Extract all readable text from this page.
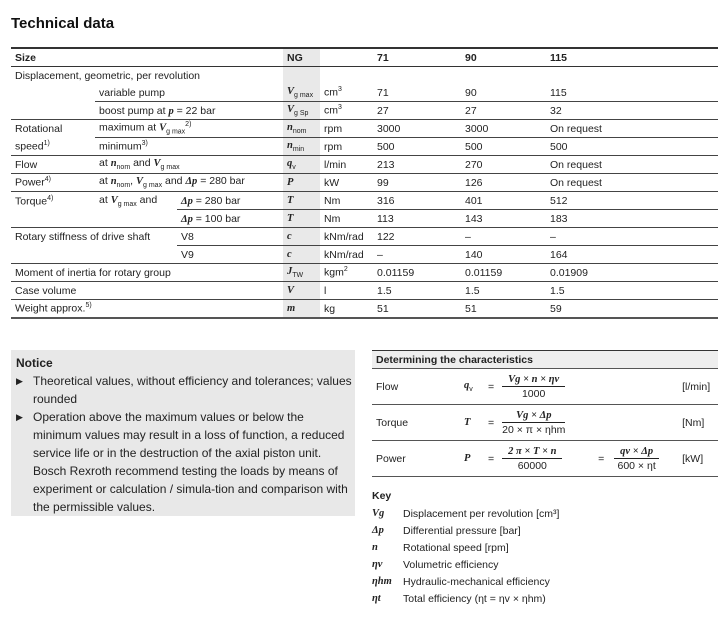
Technical data
Size			NG		71	90	115
Displacement, geometric, per revolution							
	variable pump		$V_{g max}$	$cm^3$	71	90	115
	boost pump at p = 22 bar		$V_{g Sp}$	$cm^3$	27	27	32
Rotational	maximum at $V_{g max}^{2)}$		$n_{nom}$	rpm	3000	3000	On request
speed$^{1)}$	minimum$^{3)}$		$n_{min}$	rpm	500	500	500
Flow	at $n_{nom}$ and $V_{g max}$		$q_v$	l/min	213	270	On request
Power$^{4)}$	at $n_{nom}$, $V_{g max}$ and Δp = 280 bar		P	kW	99	126	On request
Torque$^{4)}$	at $V_{g max}$ and	Δp = 280 bar	T	Nm	316	401	512
		Δp = 100 bar	T	Nm	113	143	183
Rotary stiffness of drive shaft		V8	c	kNm/rad	122	–	–
		V9	c	kNm/rad	–	140	164
Moment of inertia for rotary group			$J_{TW}$	kgm$^2$	0.01159	0.01159	0.01909
Case volume			V	l	1.5	1.5	1.5
Weight approx.$^{5)}$			m	kg	51	51	59
Notice
▶ Theoretical values, without efficiency and tolerances; values rounded
▶ Operation above the maximum values or below the minimum values may result in a loss of function, a reduced service life or in the destruction of the axial piston unit. Bosch Rexroth recommend testing the loads by means of experiment or calculation / simula-tion and comparison with the permissible values.
Determining the characteristics						
Flow	$q_v$	=	$\frac{Vg \times n \times \eta v}{1000}$			[l/min]
Torque	T	=	$\frac{Vg \times \Delta p}{\text{20 × π × ηhm}}$			[Nm]
Power	P	=	$\frac{2 \pi \times T \times n}{60000}$	=	$\frac{qv \times \Delta p}{600 \times \eta t}$	[kW]
Key
Vg	Displacement per revolution [cm³]
Δp	Differential pressure [bar]
n	Rotational speed [rpm]
ηv	Volumetric efficiency
ηhm	Hydraulic-mechanical efficiency
ηt	Total efficiency (ηt = ηv × ηhm)
